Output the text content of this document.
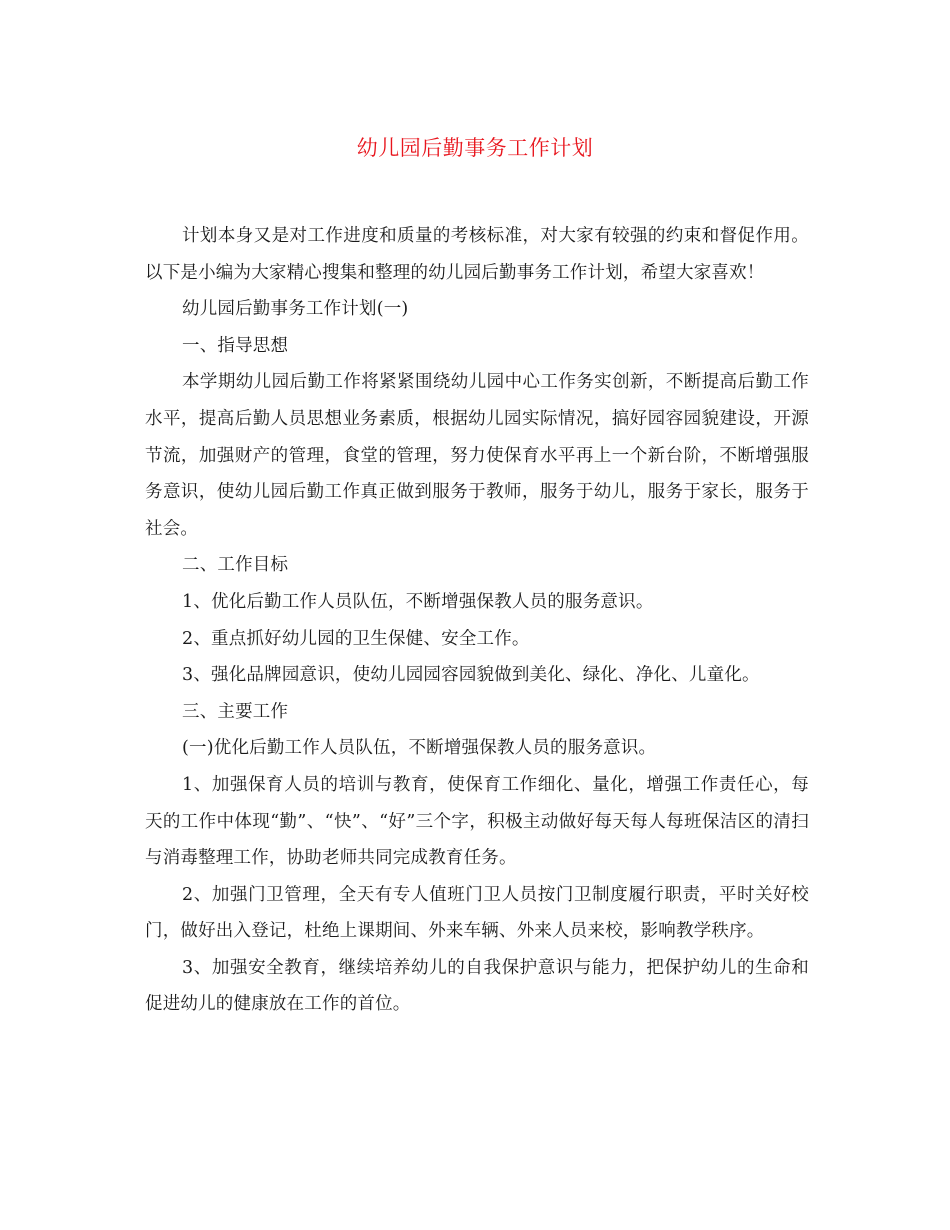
幼儿园后勤事务工作计划

计划本身又是对工作进度和质量的考核标准，对大家有较强的约束和督促作用。以下是小编为大家精心搜集和整理的幼儿园后勤事务工作计划，希望大家喜欢！

幼儿园后勤事务工作计划(一)

一、指导思想

本学期幼儿园后勤工作将紧紧围绕幼儿园中心工作务实创新，不断提高后勤工作水平，提高后勤人员思想业务素质，根据幼儿园实际情况，搞好园容园貌建设，开源节流，加强财产的管理，食堂的管理，努力使保育水平再上一个新台阶，不断增强服务意识，使幼儿园后勤工作真正做到服务于教师，服务于幼儿，服务于家长，服务于社会。

二、工作目标

1、优化后勤工作人员队伍，不断增强保教人员的服务意识。

2、重点抓好幼儿园的卫生保健、安全工作。

3、强化品牌园意识，使幼儿园园容园貌做到美化、绿化、净化、儿童化。

三、主要工作

(一)优化后勤工作人员队伍，不断增强保教人员的服务意识。

1、加强保育人员的培训与教育，使保育工作细化、量化，增强工作责任心，每天的工作中体现“勤”、“快”、“好”三个字，积极主动做好每天每人每班保洁区的清扫与消毒整理工作，协助老师共同完成教育任务。

2、加强门卫管理，全天有专人值班门卫人员按门卫制度履行职责，平时关好校门，做好出入登记，杜绝上课期间、外来车辆、外来人员来校，影响教学秩序。

3、加强安全教育，继续培养幼儿的自我保护意识与能力，把保护幼儿的生命和促进幼儿的健康放在工作的首位。
